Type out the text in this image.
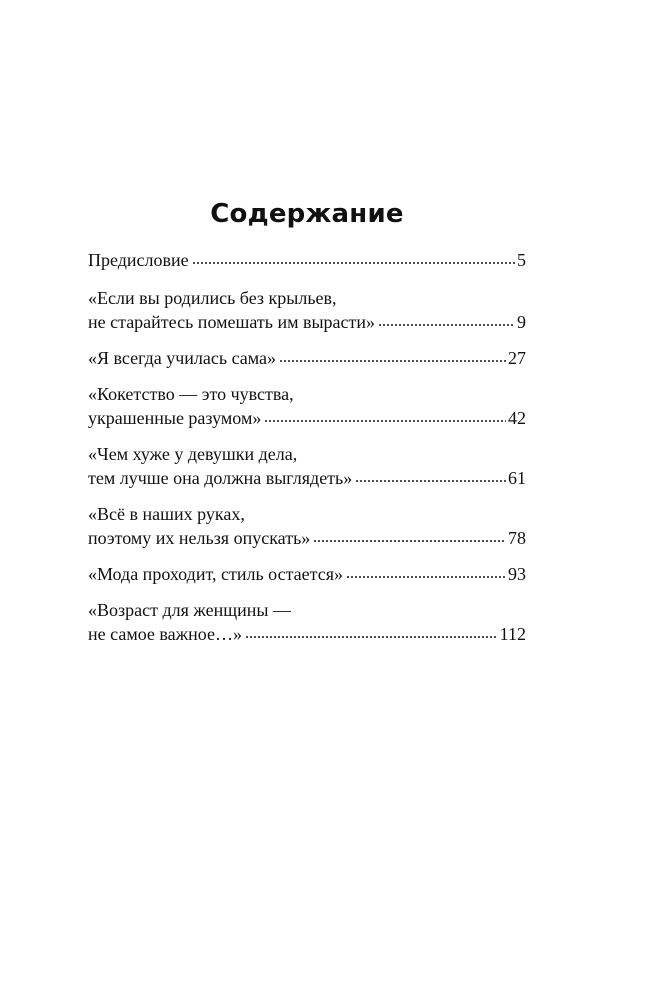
Содержание
Предисловие	5
«Если вы родились без крыльев,
не старайтесь помешать им вырасти»	9
«Я всегда училась сама»	27
«Кокетство — это чувства,
украшенные разумом»	42
«Чем хуже у девушки дела,
тем лучше она должна выглядеть»	61
«Всё в наших руках,
поэтому их нельзя опускать»	78
«Мода проходит, стиль остается»	93
«Возраст для женщины —
не самое важное…»	112
